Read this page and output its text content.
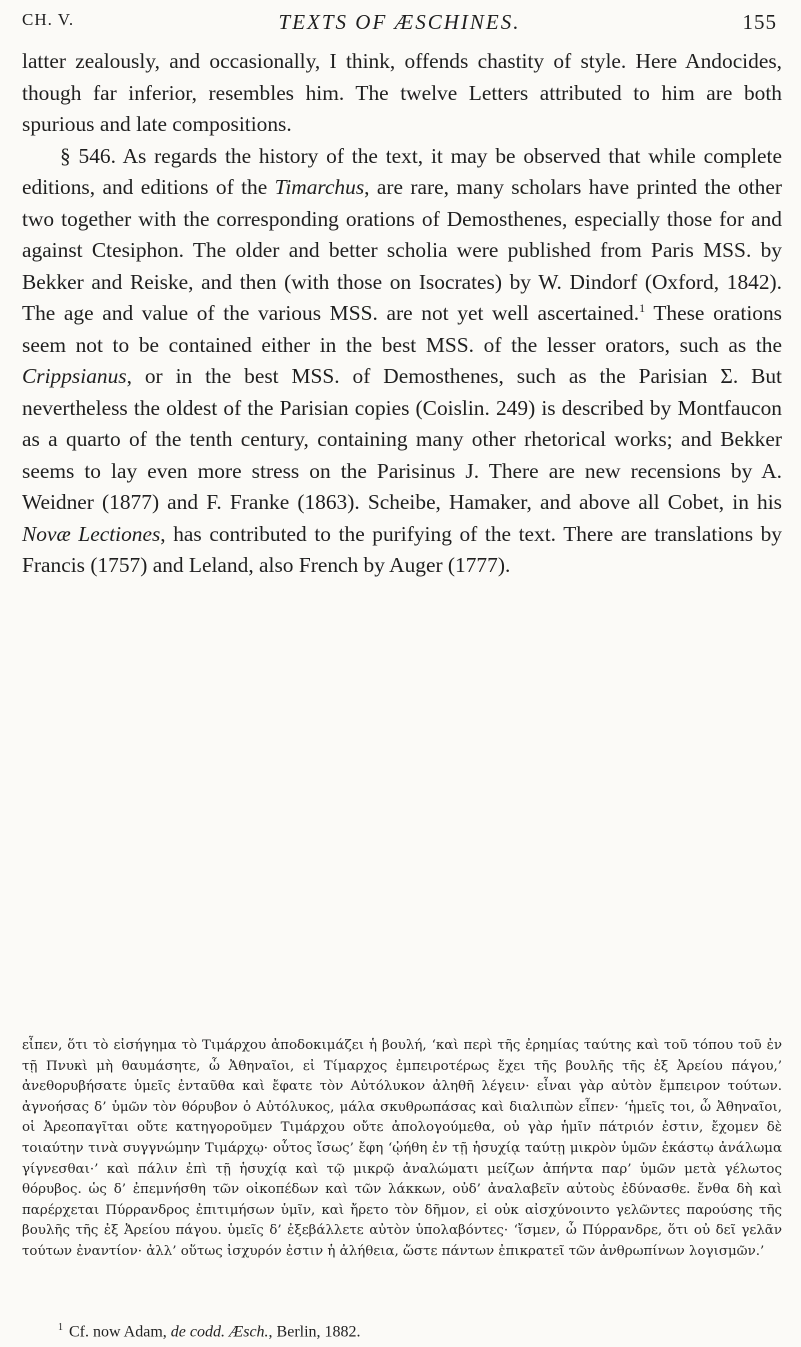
CH. V.	TEXTS OF ÆSCHINES.	155

latter zealously, and occasionally, I think, offends chastity of style. Here Andocides, though far inferior, resembles him. The twelve Letters attributed to him are both spurious and late compositions.

§ 546. As regards the history of the text, it may be observed that while complete editions, and editions of the Timarchus, are rare, many scholars have printed the other two together with the corresponding orations of Demosthenes, especially those for and against Ctesiphon. The older and better scholia were published from Paris MSS. by Bekker and Reiske, and then (with those on Isocrates) by W. Dindorf (Oxford, 1842). The age and value of the various MSS. are not yet well ascertained.$^1$ These orations seem not to be contained either in the best MSS. of the lesser orators, such as the Crippsianus, or in the best MSS. of Demosthenes, such as the Parisian Σ. But nevertheless the oldest of the Parisian copies (Coislin. 249) is described by Montfaucon as a quarto of the tenth century, containing many other rhetorical works; and Bekker seems to lay even more stress on the Parisinus J. There are new recensions by A. Weidner (1877) and F. Franke (1863). Scheibe, Hamaker, and above all Cobet, in his Novæ Lectiones, has contributed to the purifying of the text. There are translations by Francis (1757) and Leland, also French by Auger (1777).

εἶπεν, ὅτι τὸ εἰσήγημα τὸ Τιμάρχου ἀποδοκιμάζει ἡ βουλή, ‘καὶ περὶ τῆς ἐρημίας ταύτης καὶ τοῦ τόπου τοῦ ἐν τῇ Πνυκὶ μὴ θαυμάσητε, ὦ Ἀθηναῖοι, εἰ Τίμαρχος ἐμπειροτέρως ἔχει τῆς βουλῆς τῆς ἐξ Ἀρείου πάγου,’ ἀνεθορυβήσατε ὑμεῖς ἐνταῦθα καὶ ἔφατε τὸν Αὐτόλυκον ἀληθῆ λέγειν· εἶναι γὰρ αὐτὸν ἔμπειρον τούτων. ἀγνοήσας δ’ ὑμῶν τὸν θόρυβον ὁ Αὐτόλυκος, μάλα σκυθρωπάσας καὶ διαλιπὼν εἶπεν· ‘ἡμεῖς τοι, ὦ Ἀθηναῖοι, οἱ Ἀρεοπαγῖται οὔτε κατηγοροῦμεν Τιμάρχου οὔτε ἀπολογούμεθα, οὐ γὰρ ἡμῖν πάτριόν ἐστιν, ἔχομεν δὲ τοιαύτην τινὰ συγγνώμην Τιμάρχῳ· οὗτος ἴσως’ ἔφη ‘ᾠήθη ἐν τῇ ἡσυχίᾳ ταύτῃ μικρὸν ὑμῶν ἑκάστῳ ἀνάλωμα γίγνεσθαι·’ καὶ πάλιν ἐπὶ τῇ ἡσυχίᾳ καὶ τῷ μικρῷ ἀναλώματι μείζων ἀπήντα παρ’ ὑμῶν μετὰ γέλωτος θόρυβος. ὡς δ’ ἐπεμνήσθη τῶν οἰκοπέδων καὶ τῶν λάκκων, οὐδ’ ἀναλαβεῖν αὐτοὺς ἐδύνασθε. ἔνθα δὴ καὶ παρέρχεται Πύρρανδρος ἐπιτιμήσων ὑμῖν, καὶ ἤρετο τὸν δῆμον, εἰ οὐκ αἰσχύνοιντο γελῶντες παρούσης τῆς βουλῆς τῆς ἐξ Ἀρείου πάγου. ὑμεῖς δ’ ἐξεβάλλετε αὐτὸν ὑπολαβόντες· ‘ἴσμεν, ὦ Πύρρανδρε, ὅτι οὐ δεῖ γελᾶν τούτων ἐναντίον· ἀλλ’ οὕτως ἰσχυρόν ἐστιν ἡ ἀλήθεια, ὥστε πάντων ἐπικρατεῖ τῶν ἀνθρωπίνων λογισμῶν.’

$^1$ Cf. now Adam, de codd. Æsch., Berlin, 1882.
